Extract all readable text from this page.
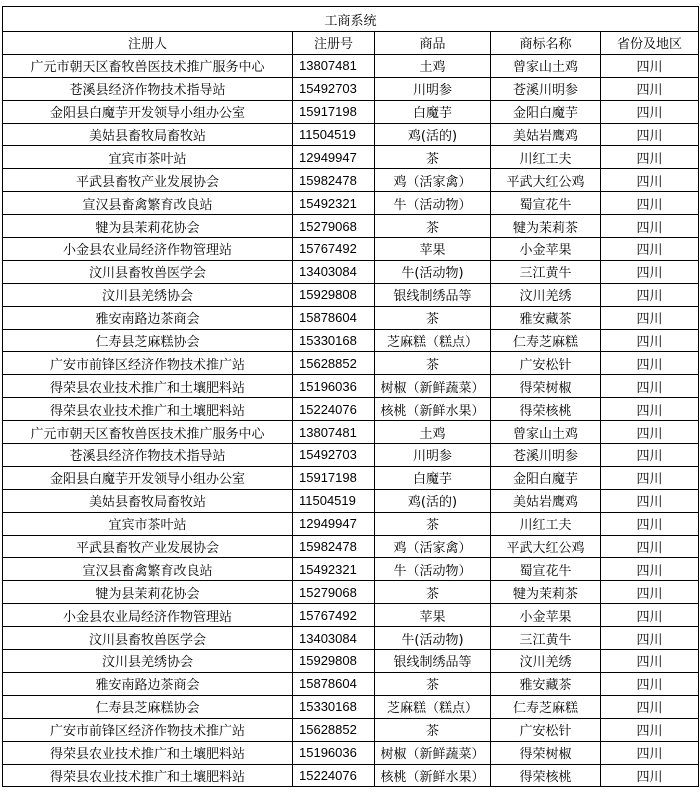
工商系统				
注册人	注册号	商品	商标名称	省份及地区
广元市朝天区畜牧兽医技术推广服务中心	13807481	土鸡	曾家山土鸡	四川
苍溪县经济作物技术指导站	15492703	川明参	苍溪川明参	四川
金阳县白魔芋开发领导小组办公室	15917198	白魔芋	金阳白魔芋	四川
美姑县畜牧局畜牧站	11504519	鸡(活的)	美姑岩鹰鸡	四川
宜宾市茶叶站	12949947	茶	川红工夫	四川
平武县畜牧产业发展协会	15982478	鸡（活家禽）	平武大红公鸡	四川
宣汉县畜禽繁育改良站	15492321	牛（活动物）	蜀宣花牛	四川
犍为县茉莉花协会	15279068	茶	犍为茉莉茶	四川
小金县农业局经济作物管理站	15767492	苹果	小金苹果	四川
汶川县畜牧兽医学会	13403084	牛(活动物)	三江黄牛	四川
汶川县羌绣协会	15929808	银线制绣品等	汶川羌绣	四川
雅安南路边茶商会	15878604	茶	雅安藏茶	四川
仁寿县芝麻糕协会	15330168	芝麻糕（糕点）	仁寿芝麻糕	四川
广安市前锋区经济作物技术推广站	15628852	茶	广安松针	四川
得荣县农业技术推广和土壤肥料站	15196036	树椒（新鲜蔬菜）	得荣树椒	四川
得荣县农业技术推广和土壤肥料站	15224076	核桃（新鲜水果）	得荣核桃	四川
广元市朝天区畜牧兽医技术推广服务中心	13807481	土鸡	曾家山土鸡	四川
苍溪县经济作物技术指导站	15492703	川明参	苍溪川明参	四川
金阳县白魔芋开发领导小组办公室	15917198	白魔芋	金阳白魔芋	四川
美姑县畜牧局畜牧站	11504519	鸡(活的)	美姑岩鹰鸡	四川
宜宾市茶叶站	12949947	茶	川红工夫	四川
平武县畜牧产业发展协会	15982478	鸡（活家禽）	平武大红公鸡	四川
宣汉县畜禽繁育改良站	15492321	牛（活动物）	蜀宣花牛	四川
犍为县茉莉花协会	15279068	茶	犍为茉莉茶	四川
小金县农业局经济作物管理站	15767492	苹果	小金苹果	四川
汶川县畜牧兽医学会	13403084	牛(活动物)	三江黄牛	四川
汶川县羌绣协会	15929808	银线制绣品等	汶川羌绣	四川
雅安南路边茶商会	15878604	茶	雅安藏茶	四川
仁寿县芝麻糕协会	15330168	芝麻糕（糕点）	仁寿芝麻糕	四川
广安市前锋区经济作物技术推广站	15628852	茶	广安松针	四川
得荣县农业技术推广和土壤肥料站	15196036	树椒（新鲜蔬菜）	得荣树椒	四川
得荣县农业技术推广和土壤肥料站	15224076	核桃（新鲜水果）	得荣核桃	四川
